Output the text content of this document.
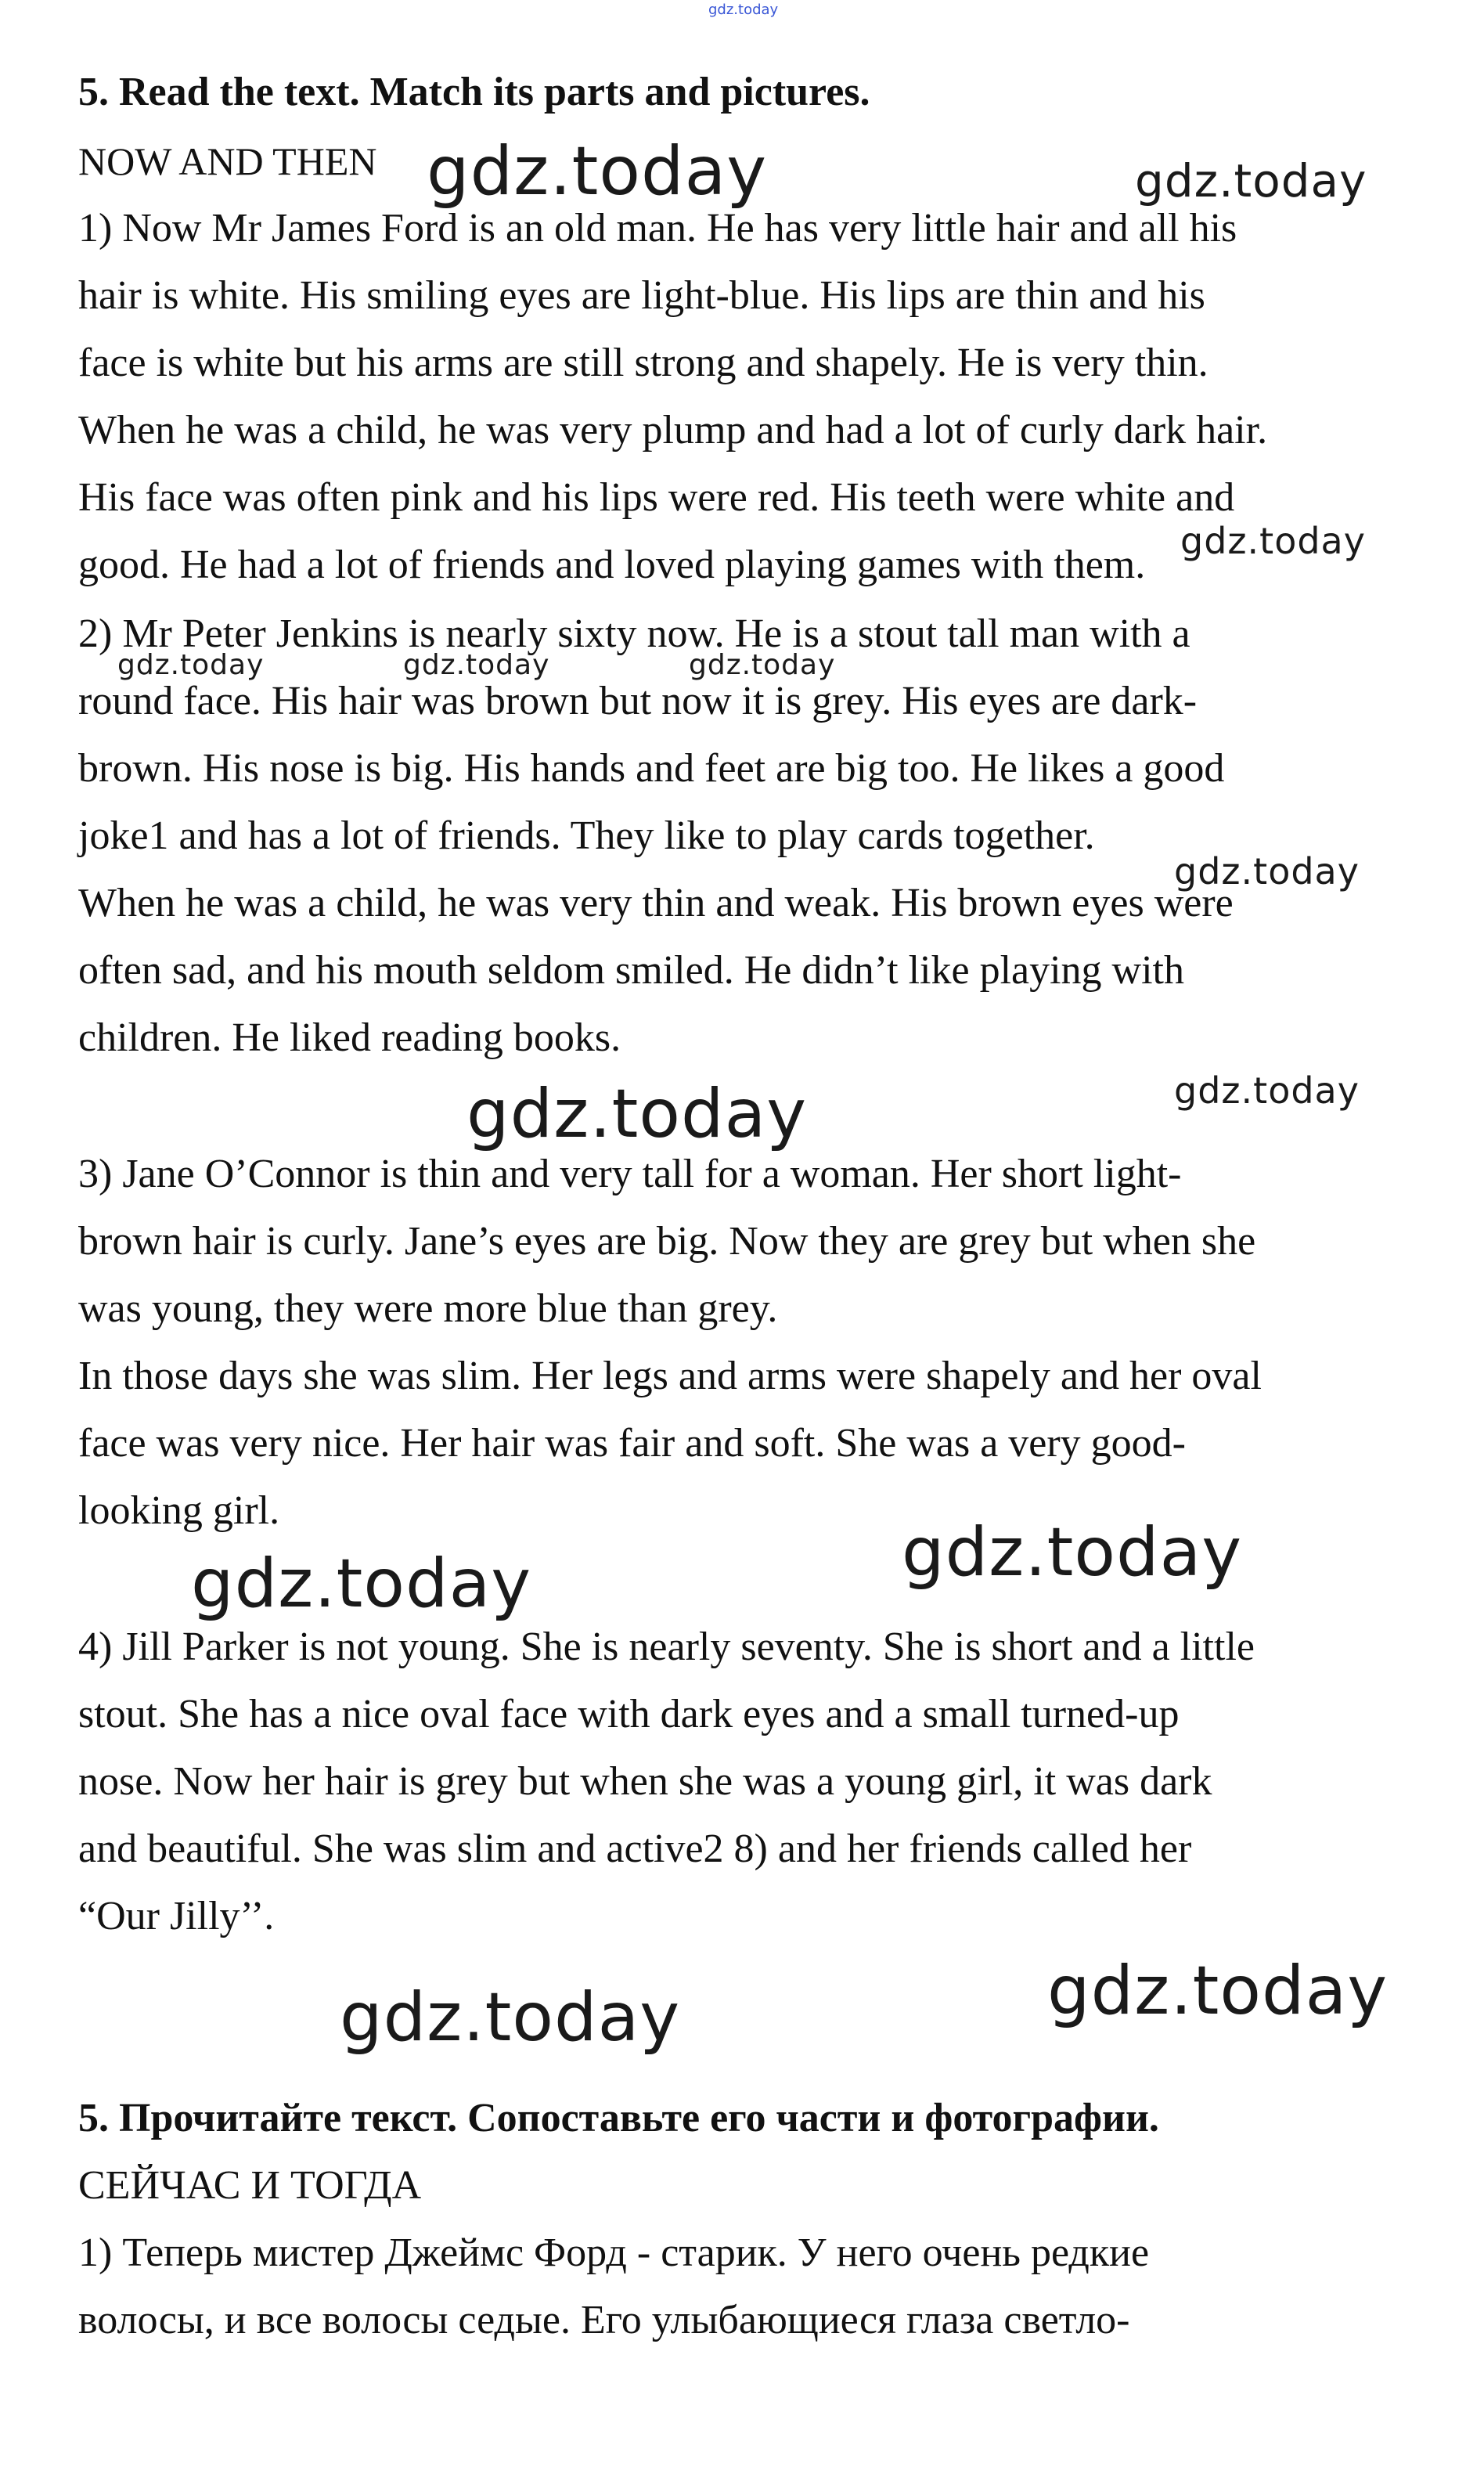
gdz.today
5. Read the text. Match its parts and pictures.
NOW AND THEN
1) Now Mr James Ford is an old man. He has very little hair and all his
hair is white. His smiling eyes are light-blue. His lips are thin and his
face is white but his arms are still strong and shapely. He is very thin.
When he was a child, he was very plump and had a lot of curly dark hair.
His face was often pink and his lips were red. His teeth were white and
good. He had a lot of friends and loved playing games with them.
2) Mr Peter Jenkins is nearly sixty now. He is a stout tall man with a
round face. His hair was brown but now it is grey. His eyes are dark-
brown. His nose is big. His hands and feet are big too. He likes a good
joke1 and has a lot of friends. They like to play cards together.
When he was a child, he was very thin and weak. His brown eyes were
often sad, and his mouth seldom smiled. He didn’t like playing with
children. He liked reading books.
3) Jane O’Connor is thin and very tall for a woman. Her short light-
brown hair is curly. Jane’s eyes are big. Now they are grey but when she
was young, they were more blue than grey.
In those days she was slim. Her legs and arms were shapely and her oval
face was very nice. Her hair was fair and soft. She was a very good-
looking girl.
4) Jill Parker is not young. She is nearly seventy. She is short and a little
stout. She has a nice oval face with dark eyes and a small turned-up
nose. Now her hair is grey but when she was a young girl, it was dark
and beautiful. She was slim and active2 8) and her friends called her
“Our Jilly’’.
5. Прочитайте текст. Сопоставьте его части и фотографии.
СЕЙЧАС И ТОГДА
1) Теперь мистер Джеймс Форд - старик. У него очень редкие
волосы, и все волосы седые. Его улыбающиеся глаза светло-
gdz.today	gdz.today
gdz.today
gdz.today	gdz.today	gdz.today
gdz.today
gdz.today
gdz.today
gdz.today
gdz.today
gdz.today
gdz.today
